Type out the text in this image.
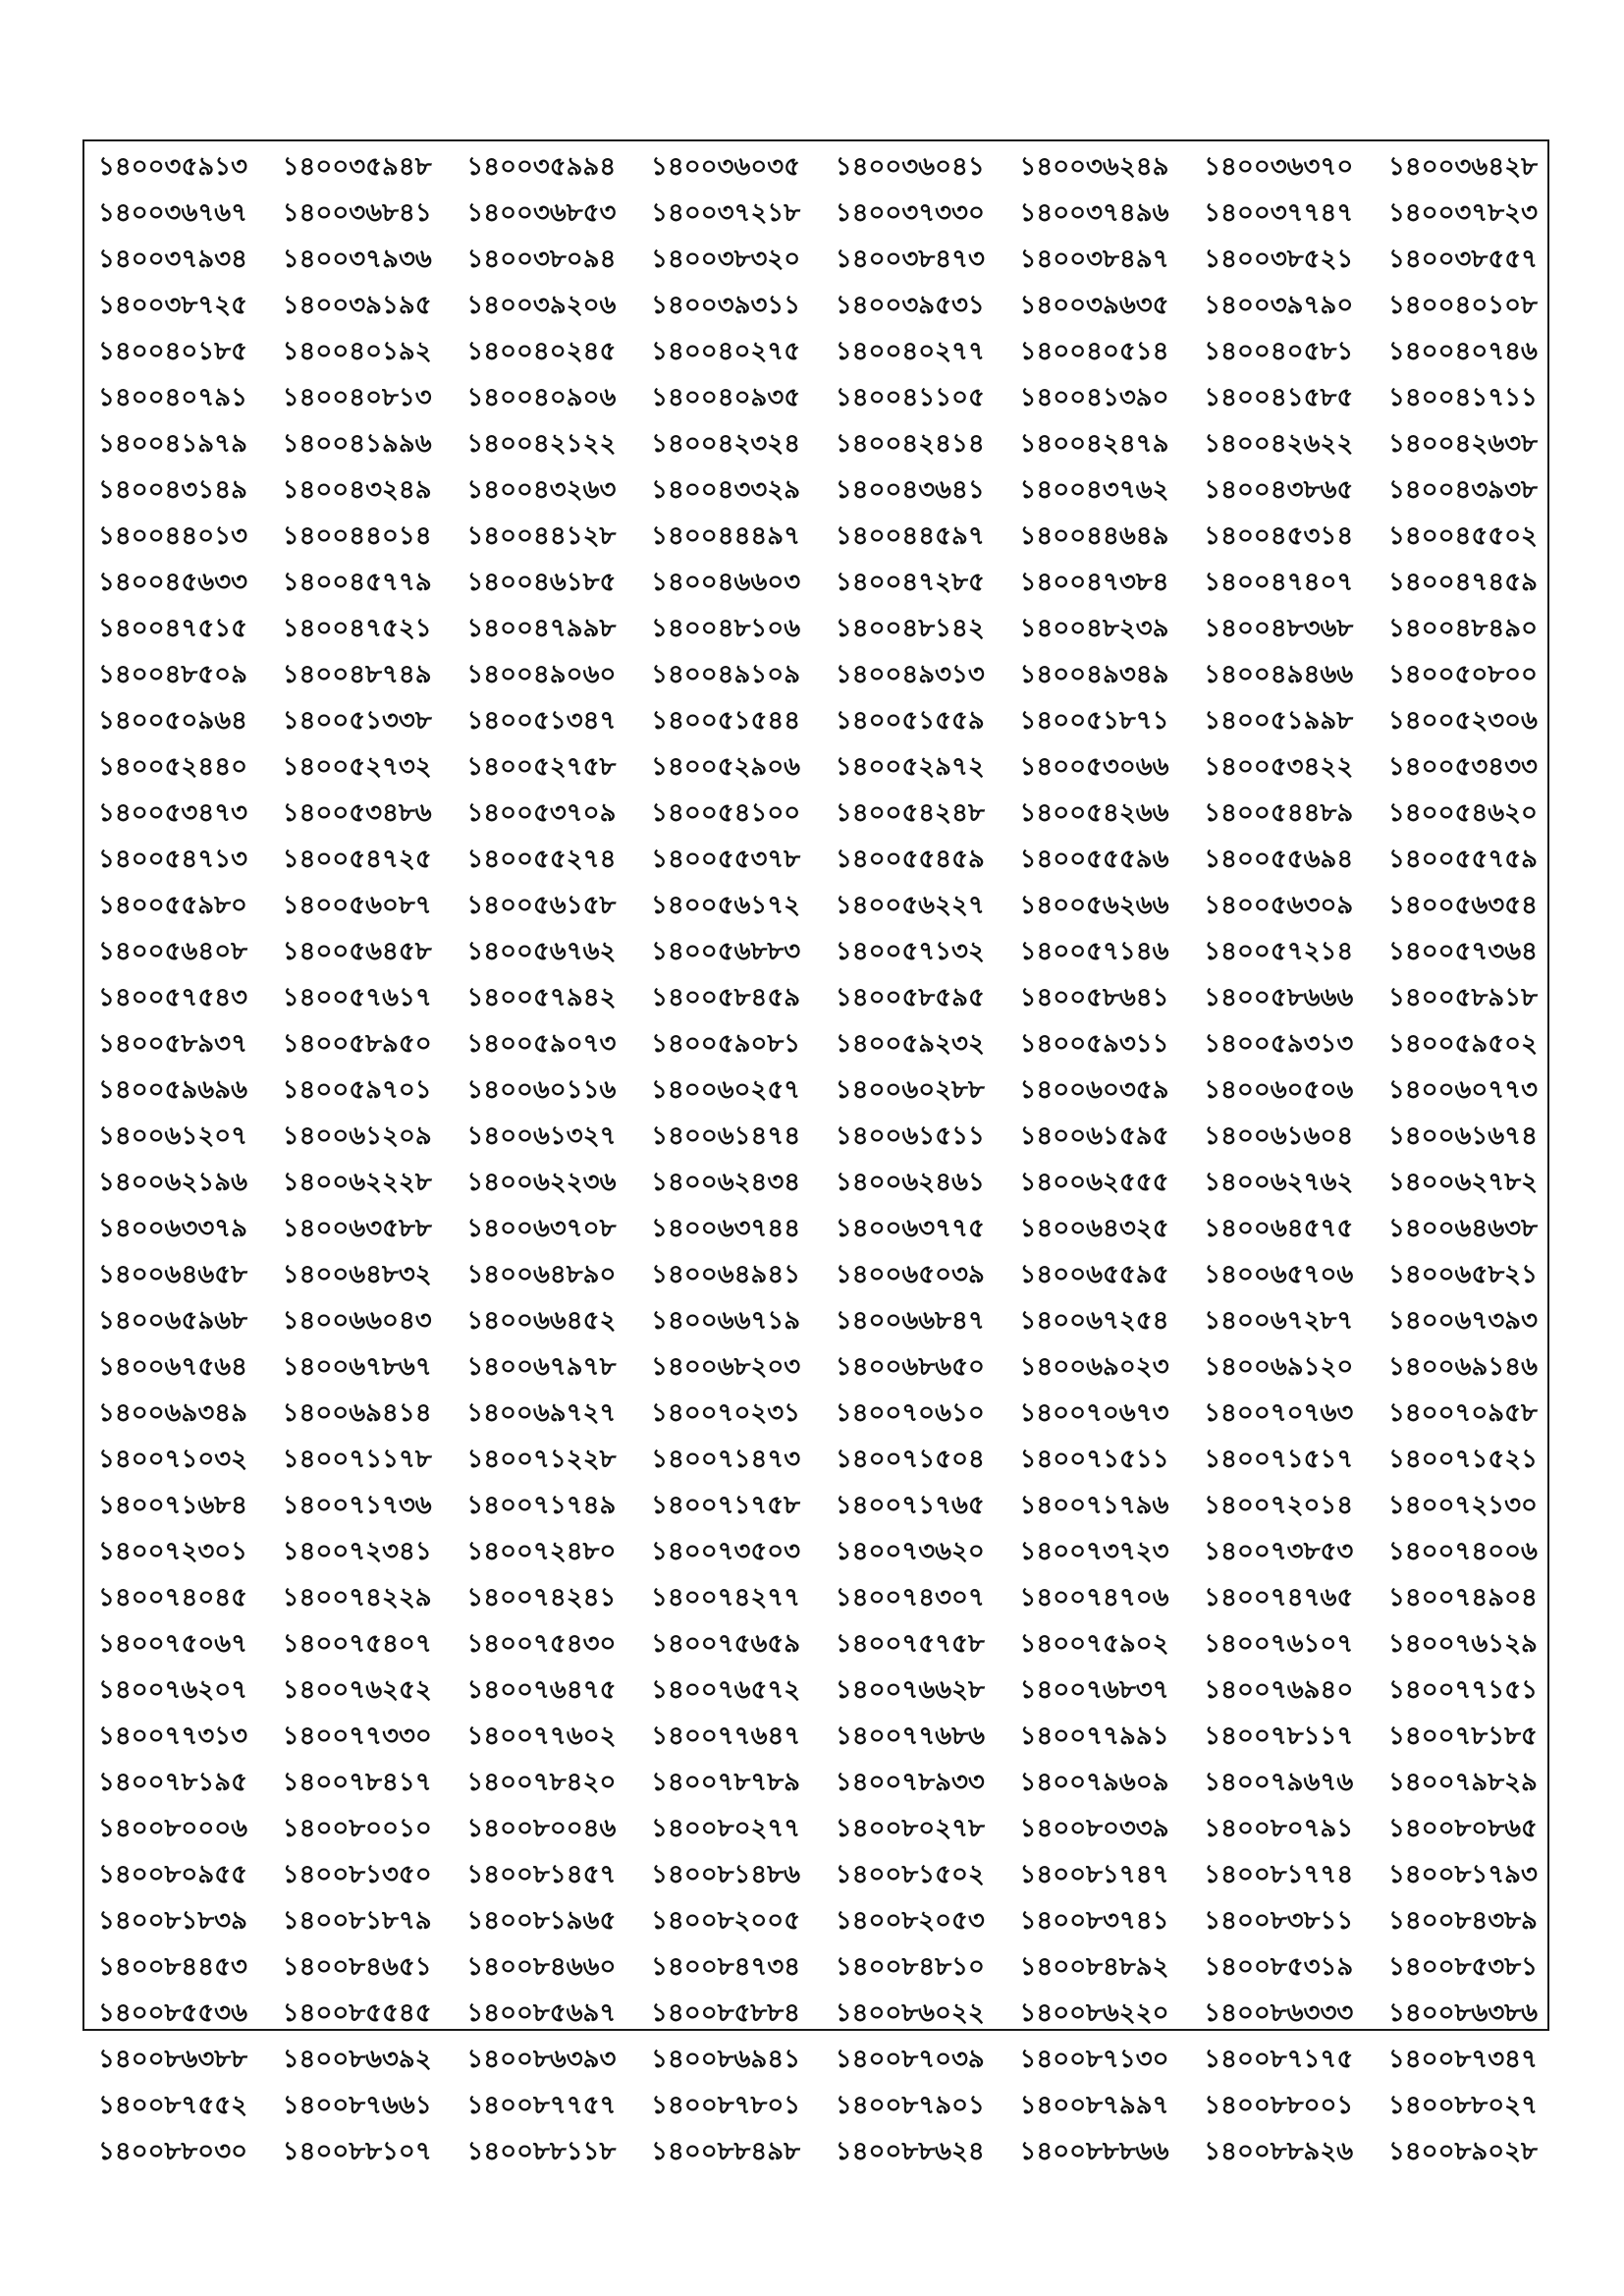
১৪০০৩৫৯১৩ ১৪০০৩৫৯৪৮ ১৪০০৩৫৯৯৪ ১৪০০৩৬০৩৫ ১৪০০৩৬০৪১ ১৪০০৩৬২৪৯ ১৪০০৩৬৩৭০ ১৪০০৩৬৪২৮
১৪০০৩৬৭৬৭ ১৪০০৩৬৮৪১ ১৪০০৩৬৮৫৩ ১৪০০৩৭২১৮ ১৪০০৩৭৩৩০ ১৪০০৩৭৪৯৬ ১৪০০৩৭৭৪৭ ১৪০০৩৭৮২৩
১৪০০৩৭৯৩৪ ১৪০০৩৭৯৩৬ ১৪০০৩৮০৯৪ ১৪০০৩৮৩২০ ১৪০০৩৮৪৭৩ ১৪০০৩৮৪৯৭ ১৪০০৩৮৫২১ ১৪০০৩৮৫৫৭
১৪০০৩৮৭২৫ ১৪০০৩৯১৯৫ ১৪০০৩৯২০৬ ১৪০০৩৯৩১১ ১৪০০৩৯৫৩১ ১৪০০৩৯৬৩৫ ১৪০০৩৯৭৯০ ১৪০০৪০১০৮
১৪০০৪০১৮৫ ১৪০০৪০১৯২ ১৪০০৪০২৪৫ ১৪০০৪০২৭৫ ১৪০০৪০২৭৭ ১৪০০৪০৫১৪ ১৪০০৪০৫৮১ ১৪০০৪০৭৪৬
১৪০০৪০৭৯১ ১৪০০৪০৮১৩ ১৪০০৪০৯০৬ ১৪০০৪০৯৩৫ ১৪০০৪১১০৫ ১৪০০৪১৩৯০ ১৪০০৪১৫৮৫ ১৪০০৪১৭১১
১৪০০৪১৯৭৯ ১৪০০৪১৯৯৬ ১৪০০৪২১২২ ১৪০০৪২৩২৪ ১৪০০৪২৪১৪ ১৪০০৪২৪৭৯ ১৪০০৪২৬২২ ১৪০০৪২৬৩৮
১৪০০৪৩১৪৯ ১৪০০৪৩২৪৯ ১৪০০৪৩২৬৩ ১৪০০৪৩৩২৯ ১৪০০৪৩৬৪১ ১৪০০৪৩৭৬২ ১৪০০৪৩৮৬৫ ১৪০০৪৩৯৩৮
১৪০০৪৪০১৩ ১৪০০৪৪০১৪ ১৪০০৪৪১২৮ ১৪০০৪৪৪৯৭ ১৪০০৪৪৫৯৭ ১৪০০৪৪৬৪৯ ১৪০০৪৫৩১৪ ১৪০০৪৫৫০২
১৪০০৪৫৬৩৩ ১৪০০৪৫৭৭৯ ১৪০০৪৬১৮৫ ১৪০০৪৬৬০৩ ১৪০০৪৭২৮৫ ১৪০০৪৭৩৮৪ ১৪০০৪৭৪০৭ ১৪০০৪৭৪৫৯
১৪০০৪৭৫১৫ ১৪০০৪৭৫২১ ১৪০০৪৭৯৯৮ ১৪০০৪৮১০৬ ১৪০০৪৮১৪২ ১৪০০৪৮২৩৯ ১৪০০৪৮৩৬৮ ১৪০০৪৮৪৯০
১৪০০৪৮৫০৯ ১৪০০৪৮৭৪৯ ১৪০০৪৯০৬০ ১৪০০৪৯১০৯ ১৪০০৪৯৩১৩ ১৪০০৪৯৩৪৯ ১৪০০৪৯৪৬৬ ১৪০০৫০৮০০
১৪০০৫০৯৬৪ ১৪০০৫১৩৩৮ ১৪০০৫১৩৪৭ ১৪০০৫১৫৪৪ ১৪০০৫১৫৫৯ ১৪০০৫১৮৭১ ১৪০০৫১৯৯৮ ১৪০০৫২৩০৬
১৪০০৫২৪৪০ ১৪০০৫২৭৩২ ১৪০০৫২৭৫৮ ১৪০০৫২৯০৬ ১৪০০৫২৯৭২ ১৪০০৫৩০৬৬ ১৪০০৫৩৪২২ ১৪০০৫৩৪৩৩
১৪০০৫৩৪৭৩ ১৪০০৫৩৪৮৬ ১৪০০৫৩৭০৯ ১৪০০৫৪১০০ ১৪০০৫৪২৪৮ ১৪০০৫৪২৬৬ ১৪০০৫৪৪৮৯ ১৪০০৫৪৬২০
১৪০০৫৪৭১৩ ১৪০০৫৪৭২৫ ১৪০০৫৫২৭৪ ১৪০০৫৫৩৭৮ ১৪০০৫৫৪৫৯ ১৪০০৫৫৫৯৬ ১৪০০৫৫৬৯৪ ১৪০০৫৫৭৫৯
১৪০০৫৫৯৮০ ১৪০০৫৬০৮৭ ১৪০০৫৬১৫৮ ১৪০০৫৬১৭২ ১৪০০৫৬২২৭ ১৪০০৫৬২৬৬ ১৪০০৫৬৩০৯ ১৪০০৫৬৩৫৪
১৪০০৫৬৪০৮ ১৪০০৫৬৪৫৮ ১৪০০৫৬৭৬২ ১৪০০৫৬৮৮৩ ১৪০০৫৭১৩২ ১৪০০৫৭১৪৬ ১৪০০৫৭২১৪ ১৪০০৫৭৩৬৪
১৪০০৫৭৫৪৩ ১৪০০৫৭৬১৭ ১৪০০৫৭৯৪২ ১৪০০৫৮৪৫৯ ১৪০০৫৮৫৯৫ ১৪০০৫৮৬৪১ ১৪০০৫৮৬৬৬ ১৪০০৫৮৯১৮
১৪০০৫৮৯৩৭ ১৪০০৫৮৯৫০ ১৪০০৫৯০৭৩ ১৪০০৫৯০৮১ ১৪০০৫৯২৩২ ১৪০০৫৯৩১১ ১৪০০৫৯৩১৩ ১৪০০৫৯৫০২
১৪০০৫৯৬৯৬ ১৪০০৫৯৭০১ ১৪০০৬০১১৬ ১৪০০৬০২৫৭ ১৪০০৬০২৮৮ ১৪০০৬০৩৫৯ ১৪০০৬০৫০৬ ১৪০০৬০৭৭৩
১৪০০৬১২০৭ ১৪০০৬১২০৯ ১৪০০৬১৩২৭ ১৪০০৬১৪৭৪ ১৪০০৬১৫১১ ১৪০০৬১৫৯৫ ১৪০০৬১৬০৪ ১৪০০৬১৬৭৪
১৪০০৬২১৯৬ ১৪০০৬২২২৮ ১৪০০৬২২৩৬ ১৪০০৬২৪৩৪ ১৪০০৬২৪৬১ ১৪০০৬২৫৫৫ ১৪০০৬২৭৬২ ১৪০০৬২৭৮২
১৪০০৬৩৩৭৯ ১৪০০৬৩৫৮৮ ১৪০০৬৩৭০৮ ১৪০০৬৩৭৪৪ ১৪০০৬৩৭৭৫ ১৪০০৬৪৩২৫ ১৪০০৬৪৫৭৫ ১৪০০৬৪৬৩৮
১৪০০৬৪৬৫৮ ১৪০০৬৪৮৩২ ১৪০০৬৪৮৯০ ১৪০০৬৪৯৪১ ১৪০০৬৫০৩৯ ১৪০০৬৫৫৯৫ ১৪০০৬৫৭০৬ ১৪০০৬৫৮২১
১৪০০৬৫৯৬৮ ১৪০০৬৬০৪৩ ১৪০০৬৬৪৫২ ১৪০০৬৬৭১৯ ১৪০০৬৬৮৪৭ ১৪০০৬৭২৫৪ ১৪০০৬৭২৮৭ ১৪০০৬৭৩৯৩
১৪০০৬৭৫৬৪ ১৪০০৬৭৮৬৭ ১৪০০৬৭৯৭৮ ১৪০০৬৮২০৩ ১৪০০৬৮৬৫০ ১৪০০৬৯০২৩ ১৪০০৬৯১২০ ১৪০০৬৯১৪৬
১৪০০৬৯৩৪৯ ১৪০০৬৯৪১৪ ১৪০০৬৯৭২৭ ১৪০০৭০২৩১ ১৪০০৭০৬১০ ১৪০০৭০৬৭৩ ১৪০০৭০৭৬৩ ১৪০০৭০৯৫৮
১৪০০৭১০৩২ ১৪০০৭১১৭৮ ১৪০০৭১২২৮ ১৪০০৭১৪৭৩ ১৪০০৭১৫০৪ ১৪০০৭১৫১১ ১৪০০৭১৫১৭ ১৪০০৭১৫২১
১৪০০৭১৬৮৪ ১৪০০৭১৭৩৬ ১৪০০৭১৭৪৯ ১৪০০৭১৭৫৮ ১৪০০৭১৭৬৫ ১৪০০৭১৭৯৬ ১৪০০৭২০১৪ ১৪০০৭২১৩০
১৪০০৭২৩০১ ১৪০০৭২৩৪১ ১৪০০৭২৪৮০ ১৪০০৭৩৫০৩ ১৪০০৭৩৬২০ ১৪০০৭৩৭২৩ ১৪০০৭৩৮৫৩ ১৪০০৭৪০০৬
১৪০০৭৪০৪৫ ১৪০০৭৪২২৯ ১৪০০৭৪২৪১ ১৪০০৭৪২৭৭ ১৪০০৭৪৩০৭ ১৪০০৭৪৭০৬ ১৪০০৭৪৭৬৫ ১৪০০৭৪৯০৪
১৪০০৭৫০৬৭ ১৪০০৭৫৪০৭ ১৪০০৭৫৪৩০ ১৪০০৭৫৬৫৯ ১৪০০৭৫৭৫৮ ১৪০০৭৫৯০২ ১৪০০৭৬১০৭ ১৪০০৭৬১২৯
১৪০০৭৬২০৭ ১৪০০৭৬২৫২ ১৪০০৭৬৪৭৫ ১৪০০৭৬৫৭২ ১৪০০৭৬৬২৮ ১৪০০৭৬৮৩৭ ১৪০০৭৬৯৪০ ১৪০০৭৭১৫১
১৪০০৭৭৩১৩ ১৪০০৭৭৩৩০ ১৪০০৭৭৬০২ ১৪০০৭৭৬৪৭ ১৪০০৭৭৬৮৬ ১৪০০৭৭৯৯১ ১৪০০৭৮১১৭ ১৪০০৭৮১৮৫
১৪০০৭৮১৯৫ ১৪০০৭৮৪১৭ ১৪০০৭৮৪২০ ১৪০০৭৮৭৮৯ ১৪০০৭৮৯৩৩ ১৪০০৭৯৬০৯ ১৪০০৭৯৬৭৬ ১৪০০৭৯৮২৯
১৪০০৮০০০৬ ১৪০০৮০০১০ ১৪০০৮০০৪৬ ১৪০০৮০২৭৭ ১৪০০৮০২৭৮ ১৪০০৮০৩৩৯ ১৪০০৮০৭৯১ ১৪০০৮০৮৬৫
১৪০০৮০৯৫৫ ১৪০০৮১৩৫০ ১৪০০৮১৪৫৭ ১৪০০৮১৪৮৬ ১৪০০৮১৫০২ ১৪০০৮১৭৪৭ ১৪০০৮১৭৭৪ ১৪০০৮১৭৯৩
১৪০০৮১৮৩৯ ১৪০০৮১৮৭৯ ১৪০০৮১৯৬৫ ১৪০০৮২০০৫ ১৪০০৮২০৫৩ ১৪০০৮৩৭৪১ ১৪০০৮৩৮১১ ১৪০০৮৪৩৮৯
১৪০০৮৪৪৫৩ ১৪০০৮৪৬৫১ ১৪০০৮৪৬৬০ ১৪০০৮৪৭৩৪ ১৪০০৮৪৮১০ ১৪০০৮৪৮৯২ ১৪০০৮৫৩১৯ ১৪০০৮৫৩৮১
১৪০০৮৫৫৩৬ ১৪০০৮৫৫৪৫ ১৪০০৮৫৬৯৭ ১৪০০৮৫৮৮৪ ১৪০০৮৬০২২ ১৪০০৮৬২২০ ১৪০০৮৬৩৩৩ ১৪০০৮৬৩৮৬
১৪০০৮৬৩৮৮ ১৪০০৮৬৩৯২ ১৪০০৮৬৩৯৩ ১৪০০৮৬৯৪১ ১৪০০৮৭০৩৯ ১৪০০৮৭১৩০ ১৪০০৮৭১৭৫ ১৪০০৮৭৩৪৭
১৪০০৮৭৫৫২ ১৪০০৮৭৬৬১ ১৪০০৮৭৭৫৭ ১৪০০৮৭৮০১ ১৪০০৮৭৯০১ ১৪০০৮৭৯৯৭ ১৪০০৮৮০০১ ১৪০০৮৮০২৭
১৪০০৮৮০৩০ ১৪০০৮৮১০৭ ১৪০০৮৮১১৮ ১৪০০৮৮৪৯৮ ১৪০০৮৮৬২৪ ১৪০০৮৮৮৬৬ ১৪০০৮৮৯২৬ ১৪০০৮৯০২৮
